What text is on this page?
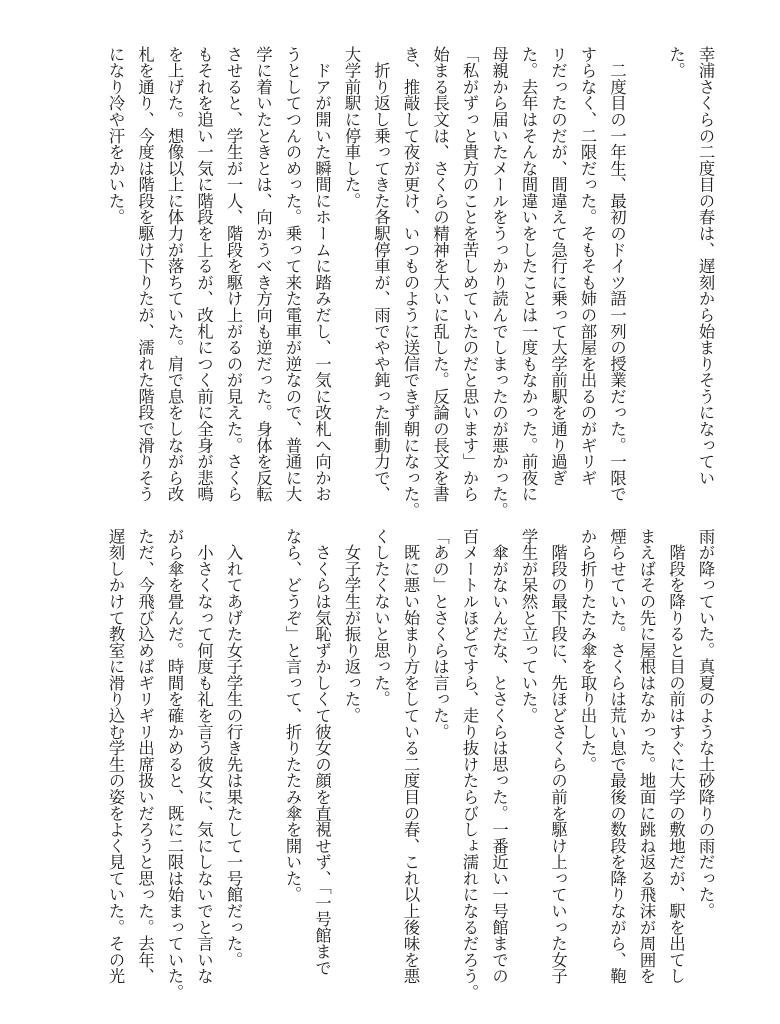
幸浦さくらの二度目の春は、遅刻から始まりそうになってい
た。
　二度目の一年生、最初のドイツ語一列の授業だった。一限で
すらなく、二限だった。そもそも姉の部屋を出るのがギリギ
リだったのだが、間違えて急行に乗って大学前駅を通り過ぎ
た。去年はそんな間違いをしたことは一度もなかった。前夜に
母親から届いたメールをうっかり読んでしまったのが悪かった。
「私がずっと貴方のことを苦しめていたのだと思います」から
始まる長文は、さくらの精神を大いに乱した。反論の長文を書
き、推敲して夜が更け、いつものように送信できず朝になった。
　折り返し乗ってきた各駅停車が、雨でやや鈍った制動力で、
大学前駅に停車した。
　ドアが開いた瞬間にホームに踏みだし、一気に改札へ向かお
うとしてつんのめった。乗って来た電車が逆なので、普通に大
学に着いたときとは、向かうべき方向も逆だった。身体を反転
させると、学生が一人、階段を駆け上がるのが見えた。さくら
もそれを追い一気に階段を上るが、改札につく前に全身が悲鳴
を上げた。想像以上に体力が落ちていた。肩で息をしながら改
札を通り、今度は階段を駆け下りたが、濡れた階段で滑りそう
になり冷や汗をかいた。
雨が降っていた。真夏のような土砂降りの雨だった。
　階段を降りると目の前はすぐに大学の敷地だが、駅を出てし
まえばその先に屋根はなかった。地面に跳ね返る飛沫が周囲を
煙らせていた。さくらは荒い息で最後の数段を降りながら、鞄
から折りたたみ傘を取り出した。
　階段の最下段に、先ほどさくらの前を駆け上っていった女子
学生が呆然と立っていた。
　傘がないんだな、とさくらは思った。一番近い一号館までの
百メートルほどですら、走り抜けたらびしょ濡れになるだろう。
「あの」とさくらは言った。
　既に悪い始まり方をしている二度目の春、これ以上後味を悪
くしたくないと思った。
　女子学生が振り返った。
　さくらは気恥ずかしくて彼女の顔を直視せず、「一号館まで
なら、どうぞ」と言って、折りたたみ傘を開いた。
　入れてあげた女子学生の行き先は果たして一号館だった。
　小さくなって何度も礼を言う彼女に、気にしないでと言いな
がら傘を畳んだ。時間を確かめると、既に二限は始まっていた。
ただ、今飛び込めばギリギリ出席扱いだろうと思った。去年、
遅刻しかけて教室に滑り込む学生の姿をよく見ていた。その光
